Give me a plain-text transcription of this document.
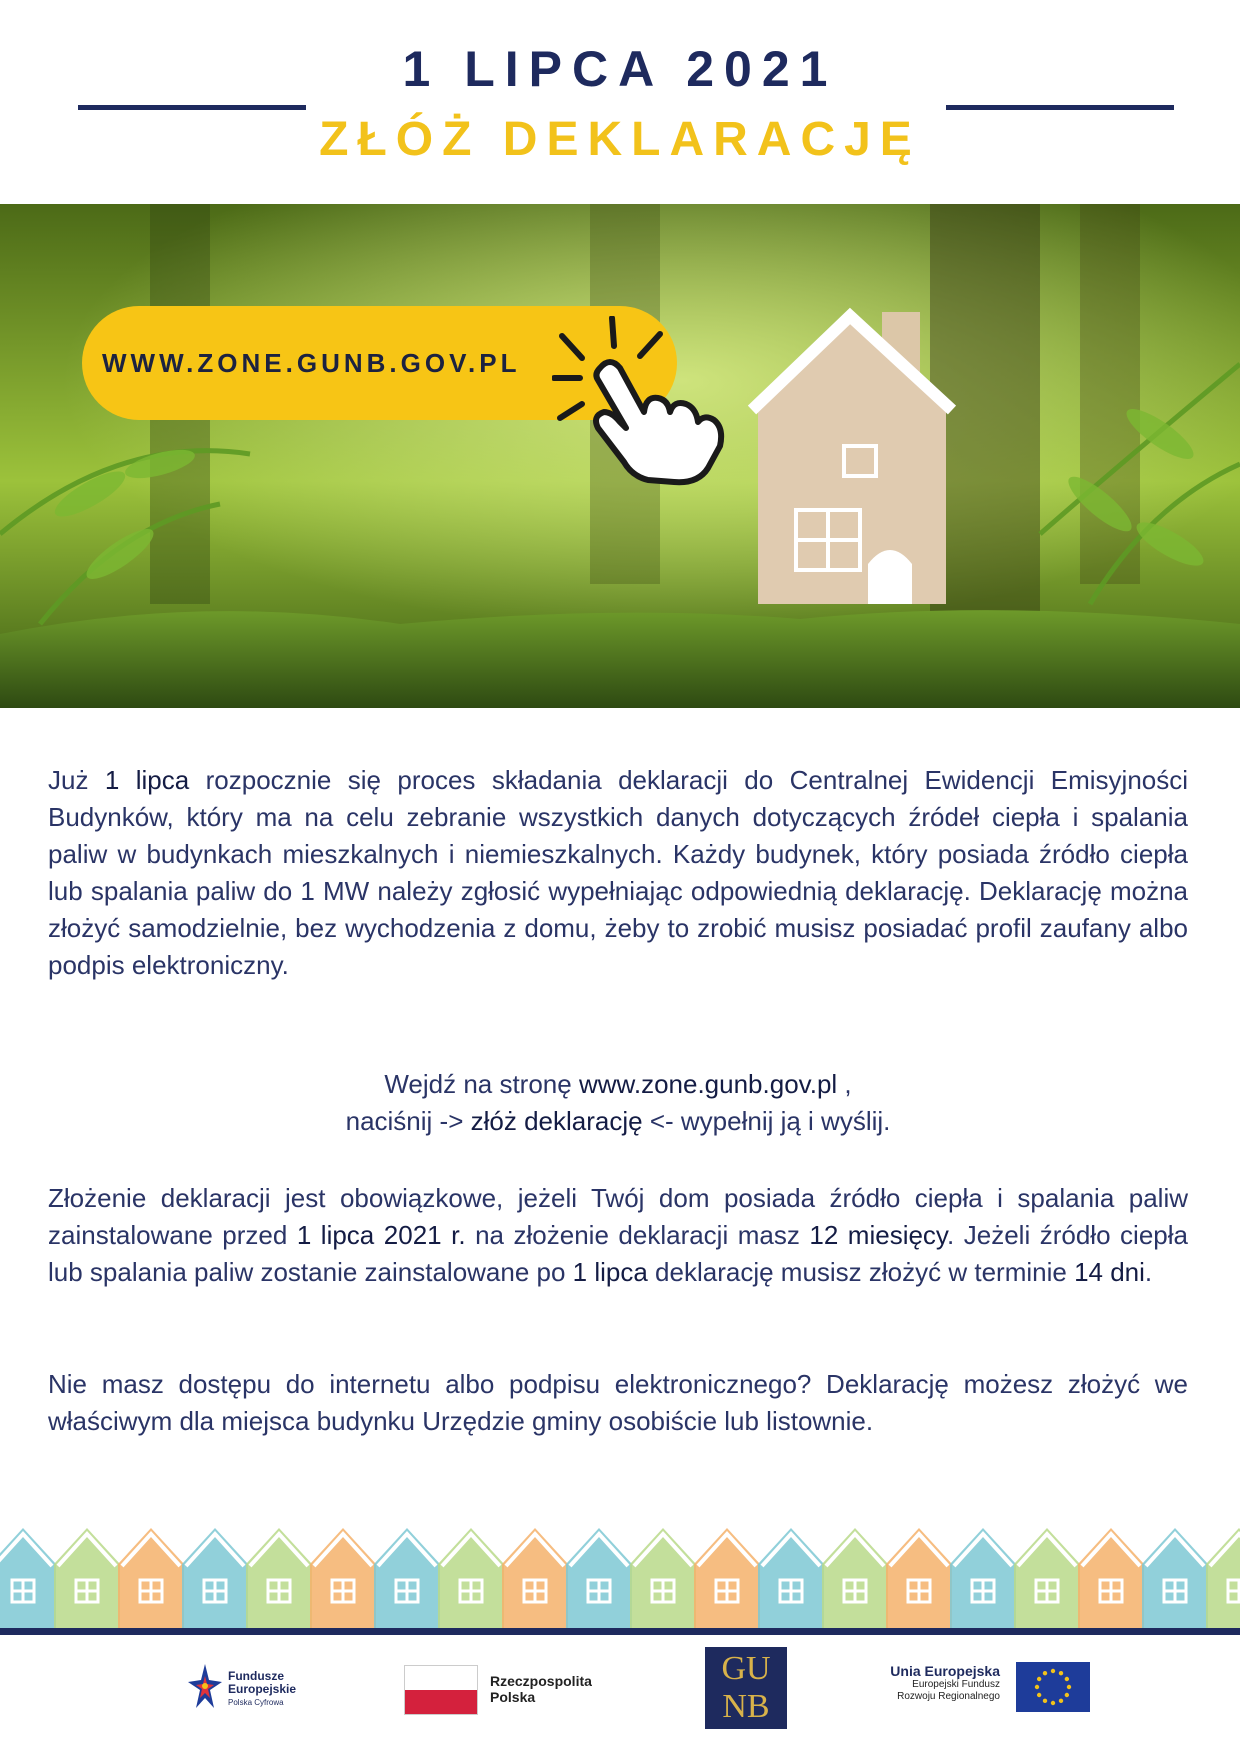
1 LIPCA 2021
ZŁÓŻ DEKLARACJĘ
WWW.ZONE.GUNB.GOV.PL
Już 1 lipca rozpocznie się proces składania deklaracji do Centralnej Ewidencji Emisyjności Budynków, który ma na celu zebranie wszystkich danych dotyczących źródeł ciepła i spalania paliw w budynkach mieszkalnych i niemieszkalnych. Każdy budynek, który posiada źródło ciepła lub spalania paliw do 1 MW należy zgłosić wypełniając odpowiednią deklarację. Deklarację można złożyć samodzielnie, bez wychodzenia z domu, żeby to zrobić musisz posiadać profil zaufany albo podpis elektroniczny.
Wejdź na stronę www.zone.gunb.gov.pl ,
naciśnij -> złóż deklarację <- wypełnij ją i wyślij.
Złożenie deklaracji jest obowiązkowe, jeżeli Twój dom posiada źródło ciepła i spalania paliw zainstalowane przed 1 lipca 2021 r. na złożenie deklaracji masz 12 miesięcy. Jeżeli źródło ciepła lub spalania paliw zostanie zainstalowane po 1 lipca deklarację musisz złożyć w terminie 14 dni.
Nie masz dostępu do internetu albo podpisu elektronicznego? Deklarację możesz złożyć we właściwym dla miejsca budynku Urzędzie gminy osobiście lub listownie.
Fundusze
Europejskie
Polska Cyfrowa
Rzeczpospolita
Polska
GU
NB
Unia Europejska
Europejski Fundusz
Rozwoju Regionalnego
